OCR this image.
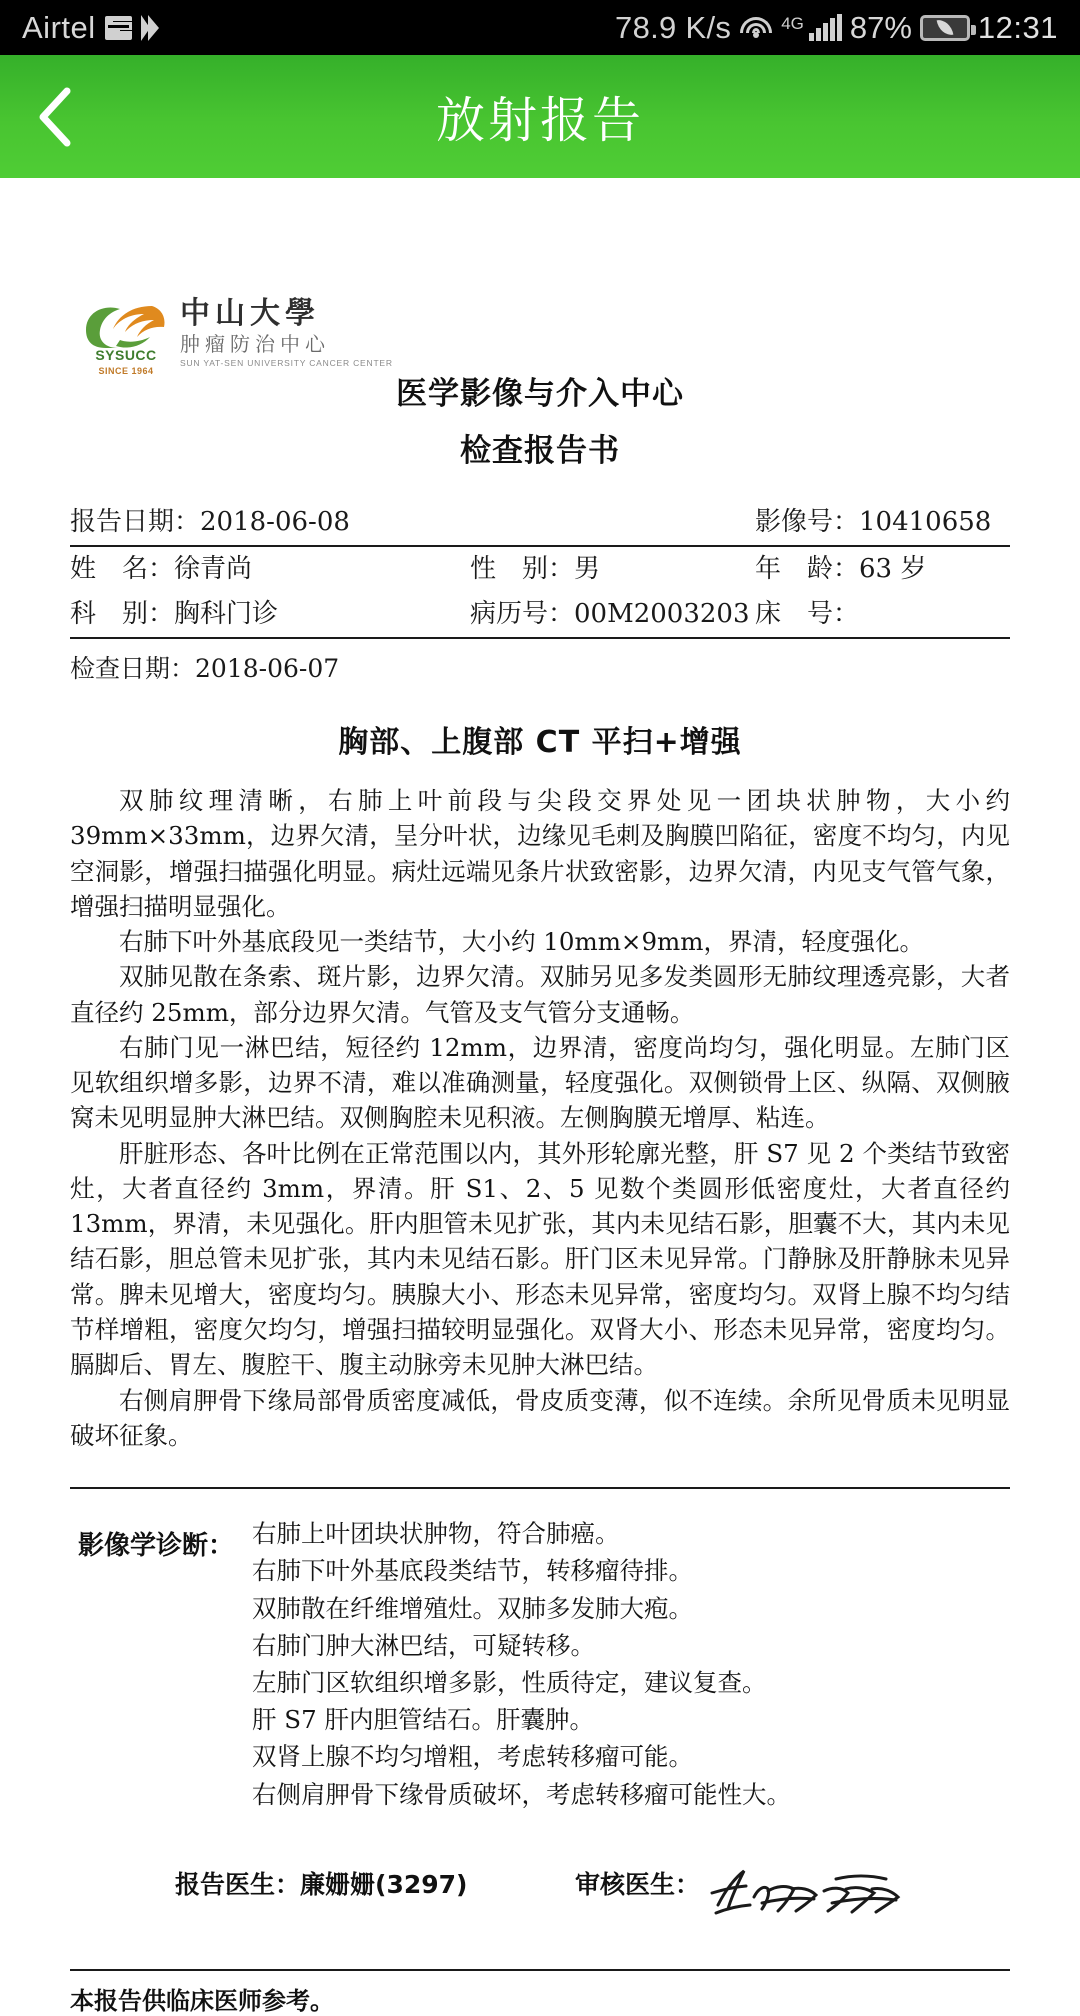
Airtel	78.9 K/s	4G 87% 12:31
放射报告
SYSUCC
SINCE 1964
中山大學
肿瘤防治中心
SUN YAT-SEN UNIVERSITY CANCER CENTER
医学影像与介入中心
检查报告书
报告日期：2018-06-08	影像号：10410658
姓　名：徐青尚	性　别：男	年　龄：63 岁
科　别：胸科门诊	病历号：00M2003203 床　号：
检查日期：2018-06-07
胸部、上腹部 CT 平扫+增强

双肺纹理清晰，右肺上叶前段与尖段交界处见一团块状肿物，大小约 39mm×33mm，边界欠清，呈分叶状，边缘见毛刺及胸膜凹陷征，密度不均匀，内见空洞影，增强扫描强化明显。病灶远端见条片状致密影，边界欠清，内见支气管气象，增强扫描明显强化。

右肺下叶外基底段见一类结节，大小约 10mm×9mm，界清，轻度强化。

双肺见散在条索、斑片影，边界欠清。双肺另见多发类圆形无肺纹理透亮影，大者直径约 25mm，部分边界欠清。气管及支气管分支通畅。

右肺门见一淋巴结，短径约 12mm，边界清，密度尚均匀，强化明显。左肺门区见软组织增多影，边界不清，难以准确测量，轻度强化。双侧锁骨上区、纵隔、双侧腋窝未见明显肿大淋巴结。双侧胸腔未见积液。左侧胸膜无增厚、粘连。

肝脏形态、各叶比例在正常范围以内，其外形轮廓光整，肝 S7 见 2 个类结节致密灶，大者直径约 3mm，界清。肝 S1、2、5 见数个类圆形低密度灶，大者直径约 13mm，界清，未见强化。肝内胆管未见扩张，其内未见结石影，胆囊不大，其内未见结石影，胆总管未见扩张，其内未见结石影。肝门区未见异常。门静脉及肝静脉未见异常。脾未见增大，密度均匀。胰腺大小、形态未见异常，密度均匀。双肾上腺不均匀结节样增粗，密度欠均匀，增强扫描较明显强化。双肾大小、形态未见异常，密度均匀。膈脚后、胃左、腹腔干、腹主动脉旁未见肿大淋巴结。

右侧肩胛骨下缘局部骨质密度减低，骨皮质变薄，似不连续。余所见骨质未见明显破坏征象。

影像学诊断： 右肺上叶团块状肿物，符合肺癌。
右肺下叶外基底段类结节，转移瘤待排。
双肺散在纤维增殖灶。双肺多发肺大疱。
右肺门肿大淋巴结，可疑转移。
左肺门区软组织增多影，性质待定，建议复查。
肝 S7 肝内胆管结石。肝囊肿。
双肾上腺不均匀增粗，考虑转移瘤可能。
右侧肩胛骨下缘骨质破坏，考虑转移瘤可能性大。
报告医生：廉姗姗(3297)	审核医生：
本报告供临床医师参考。
